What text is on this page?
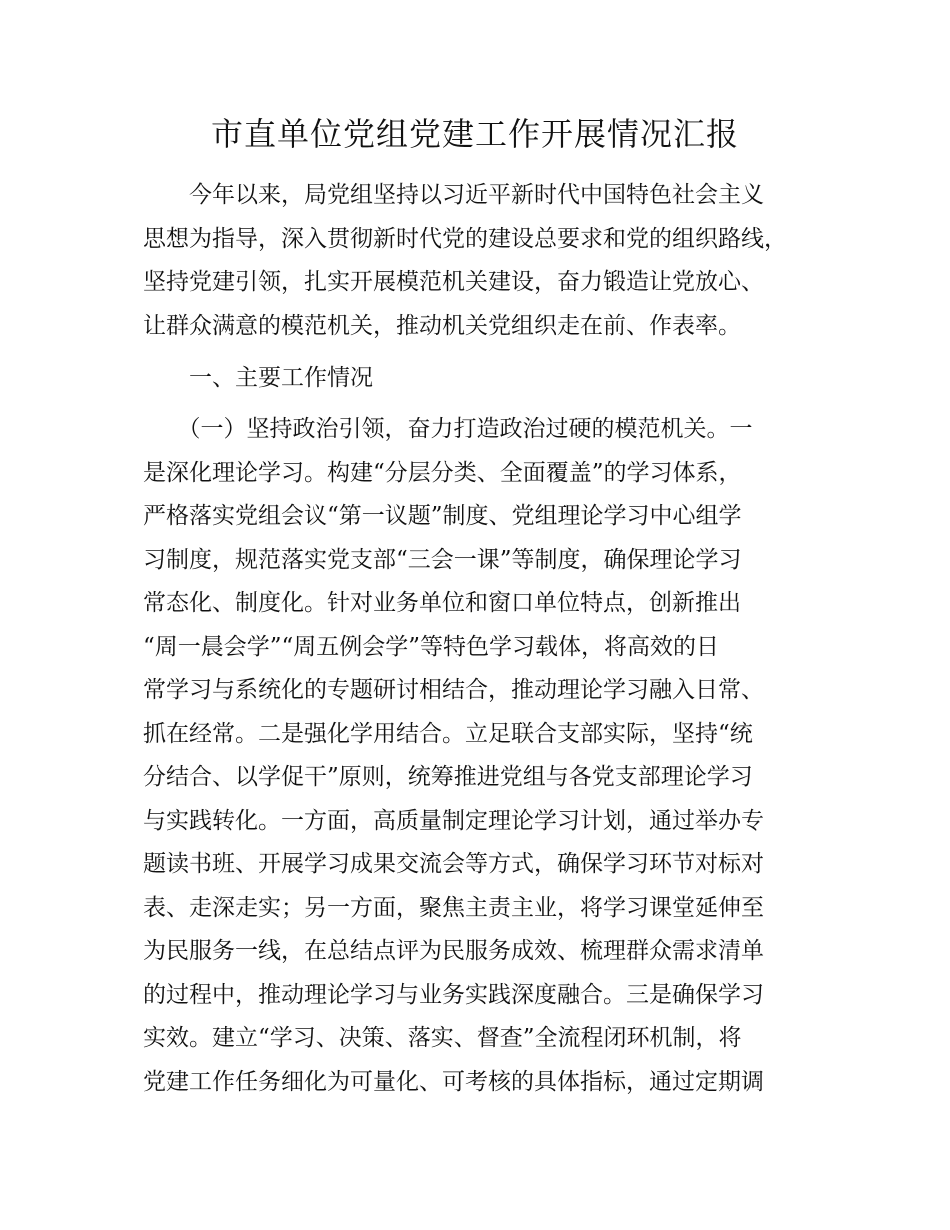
市直单位党组党建工作开展情况汇报
　　今年以来，局党组坚持以习近平新时代中国特色社会主义
思想为指导，深入贯彻新时代党的建设总要求和党的组织路线，
坚持党建引领，扎实开展模范机关建设，奋力锻造让党放心、
让群众满意的模范机关，推动机关党组织走在前、作表率。
　　一、主要工作情况
　　（一）坚持政治引领，奋力打造政治过硬的模范机关。一
是深化理论学习。构建“分层分类、全面覆盖”的学习体系，
严格落实党组会议“第一议题”制度、党组理论学习中心组学
习制度，规范落实党支部“三会一课”等制度，确保理论学习
常态化、制度化。针对业务单位和窗口单位特点，创新推出
“周一晨会学”“周五例会学”等特色学习载体，将高效的日
常学习与系统化的专题研讨相结合，推动理论学习融入日常、
抓在经常。二是强化学用结合。立足联合支部实际，坚持“统
分结合、以学促干”原则，统筹推进党组与各党支部理论学习
与实践转化。一方面，高质量制定理论学习计划，通过举办专
题读书班、开展学习成果交流会等方式，确保学习环节对标对
表、走深走实；另一方面，聚焦主责主业，将学习课堂延伸至
为民服务一线，在总结点评为民服务成效、梳理群众需求清单
的过程中，推动理论学习与业务实践深度融合。三是确保学习
实效。建立“学习、决策、落实、督查”全流程闭环机制，将
党建工作任务细化为可量化、可考核的具体指标，通过定期调
